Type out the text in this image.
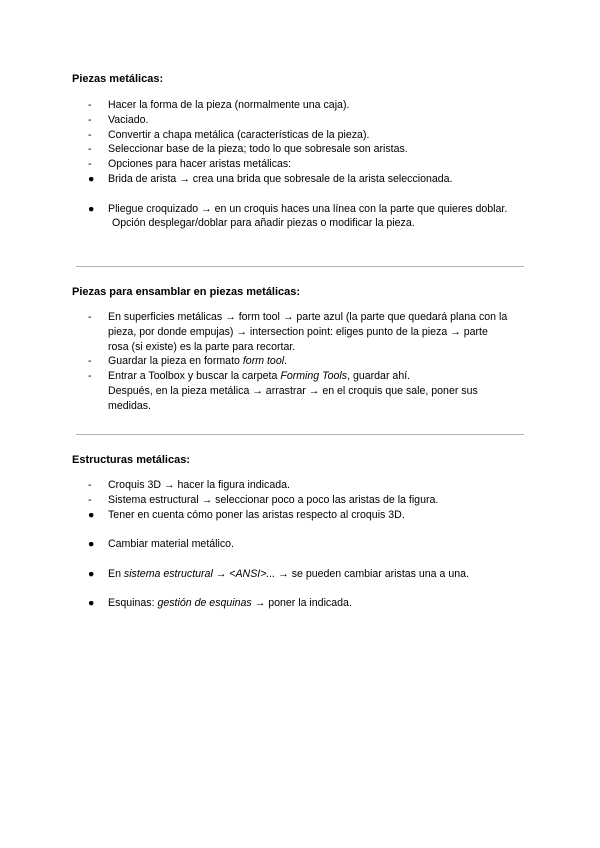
Piezas metálicas:
-	Hacer la forma de la pieza (normalmente una caja).
-	Vaciado.
-	Convertir a chapa metálica (características de la pieza).
-	Seleccionar base de la pieza; todo lo que sobresale son aristas.
-	Opciones para hacer aristas metálicas:
●	Brida de arista → crea una brida que sobresale de la arista seleccionada.
●	Pliegue croquizado → en un croquis haces una línea con la parte que quieres doblar.
Opción desplegar/doblar para añadir piezas o modificar la pieza.
Piezas para ensamblar en piezas metálicas:
-	En superficies metálicas → form tool → parte azul (la parte que quedará plana con la
pieza, por donde empujas) → intersection point: eliges punto de la pieza → parte
rosa (si existe) es la parte para recortar.
-	Guardar la pieza en formato form tool.
-	Entrar a Toolbox y buscar la carpeta Forming Tools, guardar ahí.
Después, en la pieza metálica → arrastrar → en el croquis que sale, poner sus
medidas.
Estructuras metálicas:
-	Croquis 3D → hacer la figura indicada.
-	Sistema estructural → seleccionar poco a poco las aristas de la figura.
●	Tener en cuenta cómo poner las aristas respecto al croquis 3D.
●	Cambiar material metálico.
●	En sistema estructural → <ANSI>... → se pueden cambiar aristas una a una.
●	Esquinas: gestión de esquinas → poner la indicada.
